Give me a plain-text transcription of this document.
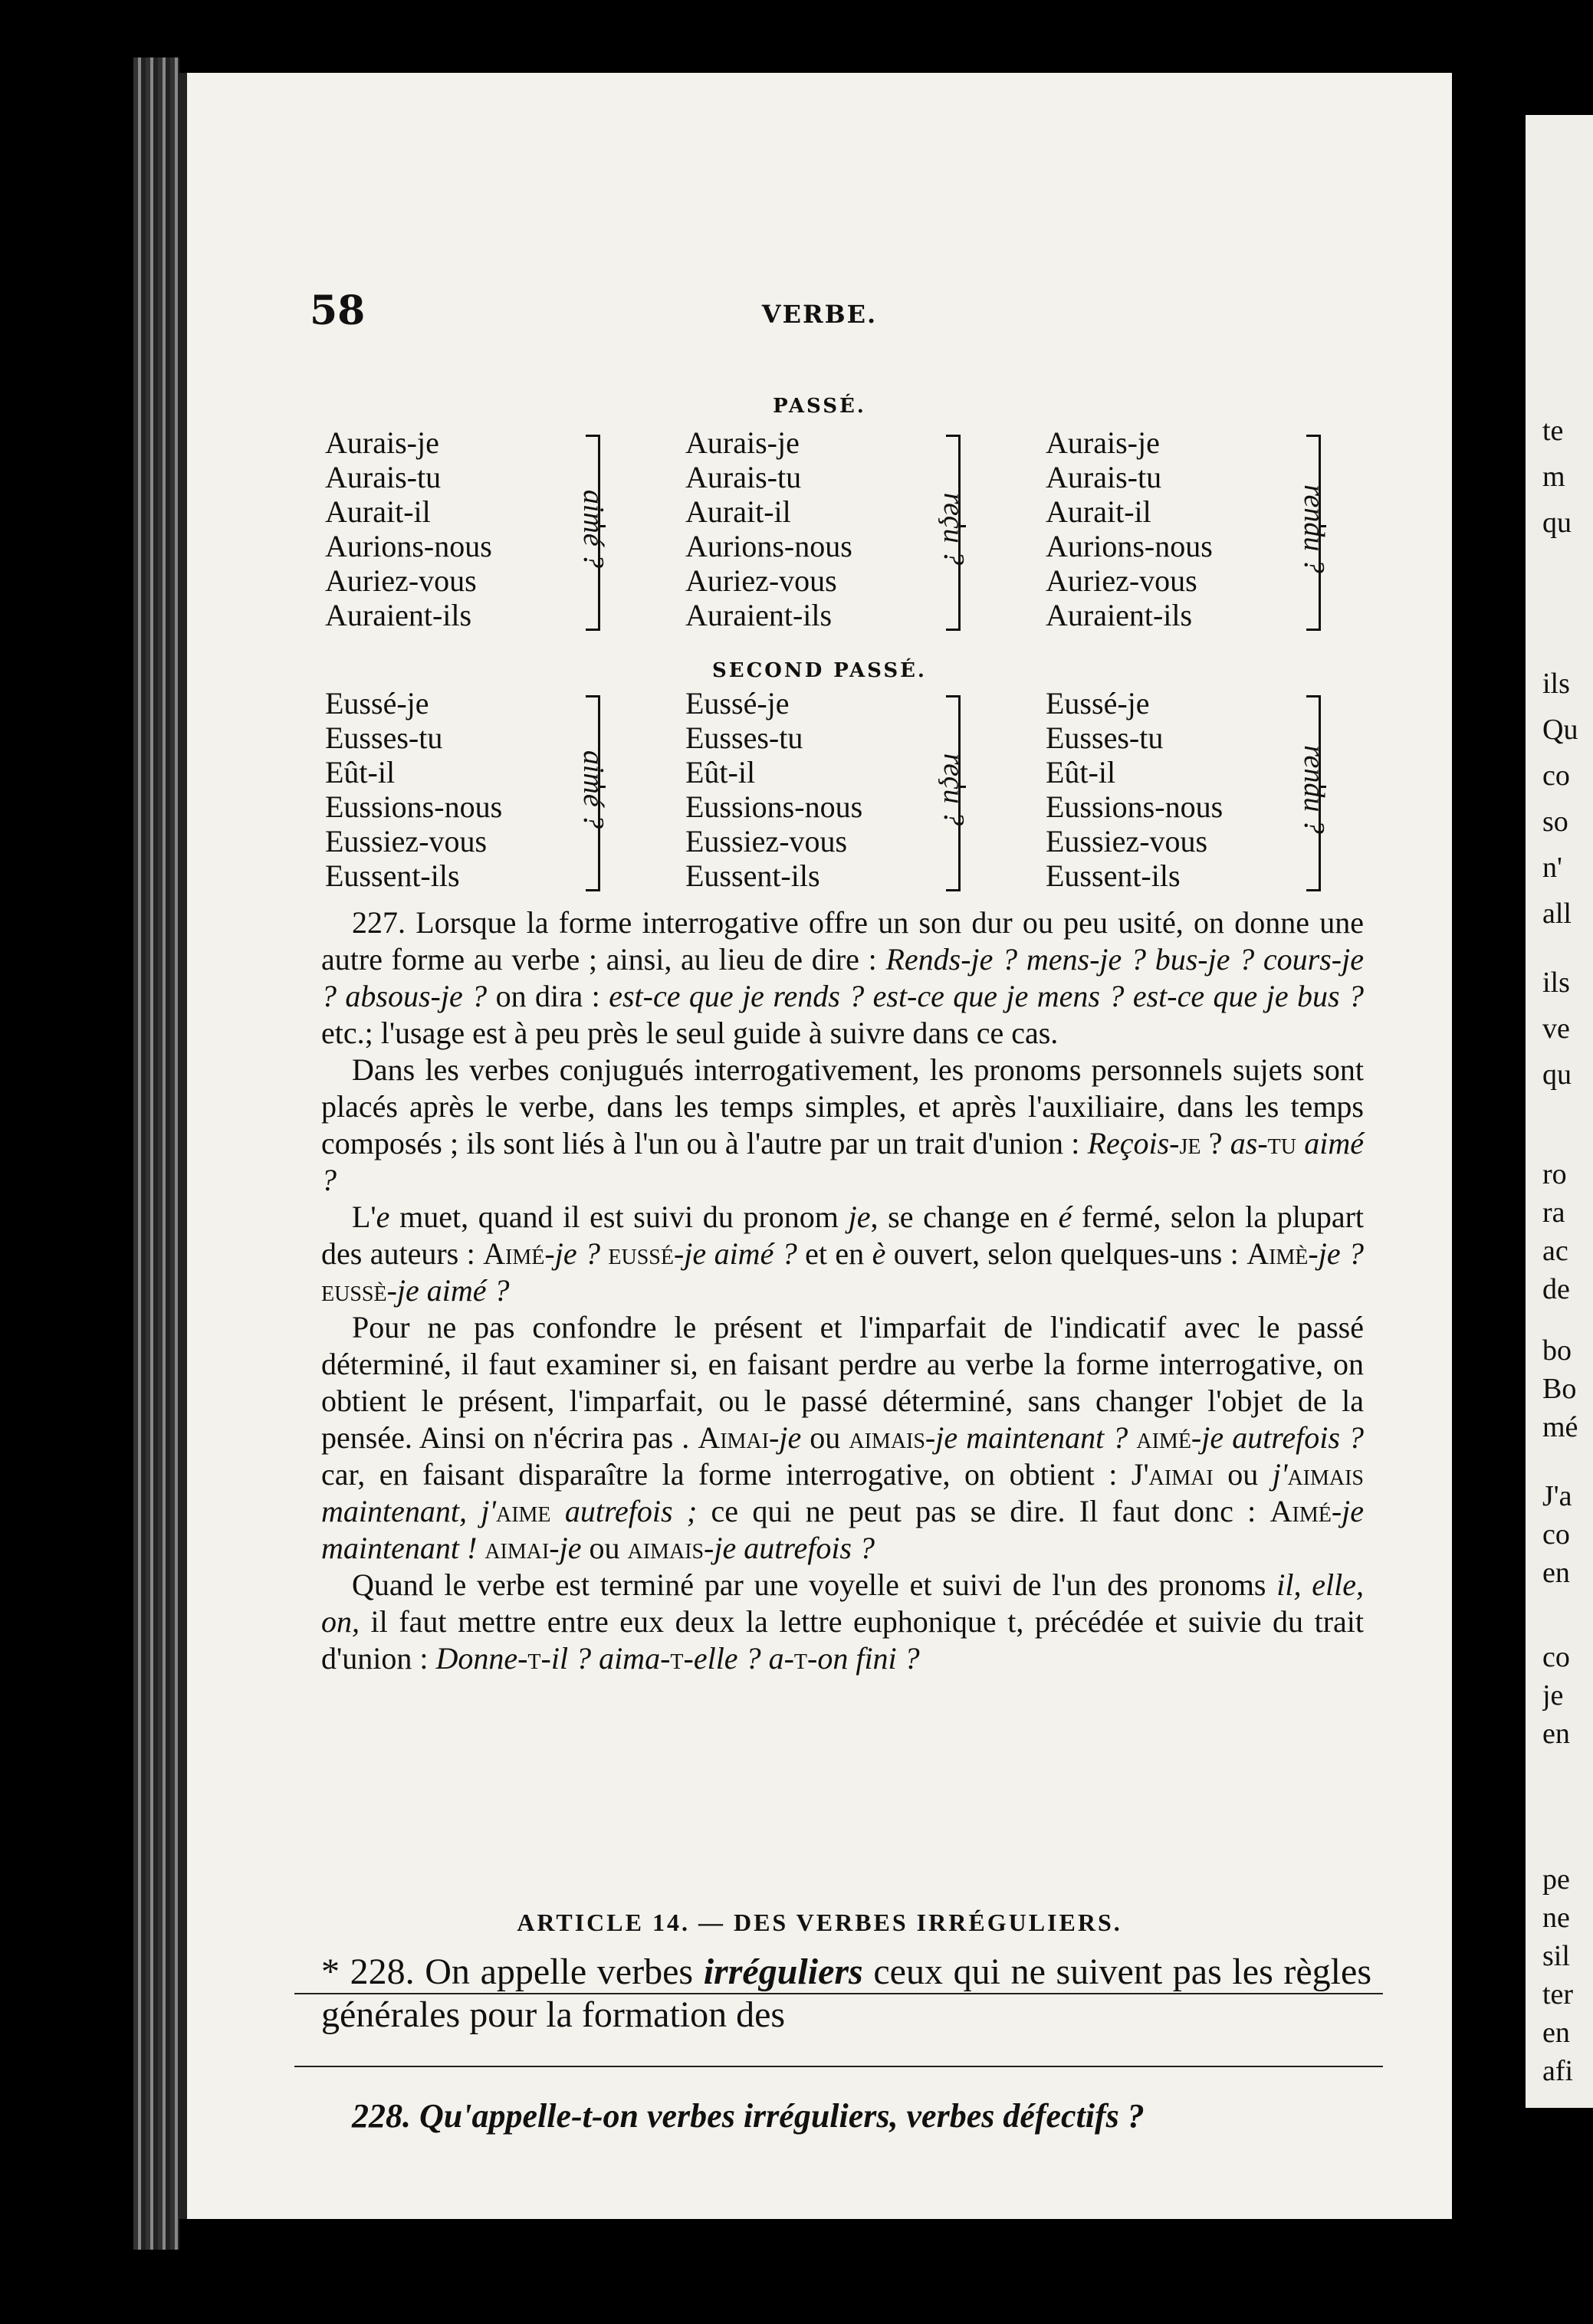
58	VERBE.
PASSÉ.
Aurais-je
Aurais-tu
Aurait-il
Aurions-nous
Auriez-vous
Auraient-ils
aimé ?
Aurais-je
Aurais-tu
Aurait-il
Aurions-nous
Auriez-vous
Auraient-ils
reçu ?
Aurais-je
Aurais-tu
Aurait-il
Aurions-nous
Auriez-vous
Auraient-ils
rendu ?
SECOND PASSÉ.
Eussé-je
Eusses-tu
Eût-il
Eussions-nous
Eussiez-vous
Eussent-ils
aimé ?
Eussé-je
Eusses-tu
Eût-il
Eussions-nous
Eussiez-vous
Eussent-ils
reçu ?
Eussé-je
Eusses-tu
Eût-il
Eussions-nous
Eussiez-vous
Eussent-ils
rendu ?

227. Lorsque la forme interrogative offre un son dur ou peu usité, on donne une autre forme au verbe ; ainsi, au lieu de dire : Rends-je ? mens-je ? bus-je ? cours-je ? absous-je ? on dira : est-ce que je rends ? est-ce que je mens ? est-ce que je bus ? etc.; l'usage est à peu près le seul guide à suivre dans ce cas.

Dans les verbes conjugués interrogativement, les pronoms personnels sujets sont placés après le verbe, dans les temps simples, et après l'auxiliaire, dans les temps composés ; ils sont liés à l'un ou à l'autre par un trait d'union : Reçois-je ? as-tu aimé ?

L'e muet, quand il est suivi du pronom je, se change en é fermé, selon la plupart des auteurs : Aimé-je ? eussé-je aimé ? et en è ouvert, selon quelques-uns : Aimè-je ? eussè-je aimé ?

Pour ne pas confondre le présent et l'imparfait de l'indicatif avec le passé déterminé, il faut examiner si, en faisant perdre au verbe la forme interrogative, on obtient le présent, l'imparfait, ou le passé déterminé, sans changer l'objet de la pensée. Ainsi on n'écrira pas . Aimai-je ou aimais-je maintenant ? aimé-je autrefois ? car, en faisant disparaître la forme interrogative, on obtient : J'aimai ou j'aimais maintenant, j'aime autrefois ; ce qui ne peut pas se dire. Il faut donc : Aimé-je maintenant ! aimai-je ou aimais-je autrefois ?

Quand le verbe est terminé par une voyelle et suivi de l'un des pronoms il, elle, on, il faut mettre entre eux deux la lettre euphonique t, précédée et suivie du trait d'union : Donne-t-il ? aima-t-elle ? a-t-on fini ?

ARTICLE 14. — DES VERBES IRRÉGULIERS.
* 228. On appelle verbes irréguliers ceux qui ne suivent pas les règles générales pour la formation des
228. Qu'appelle-t-on verbes irréguliers, verbes défectifs ?
te
m
qu
ils
Qu
co
so
n'
all
ils
ve
qu
ro
ra
ac
de
bo
Bo
mé
J'a
co
en
co
je
en
pe
ne
sil
ter
en
afi
